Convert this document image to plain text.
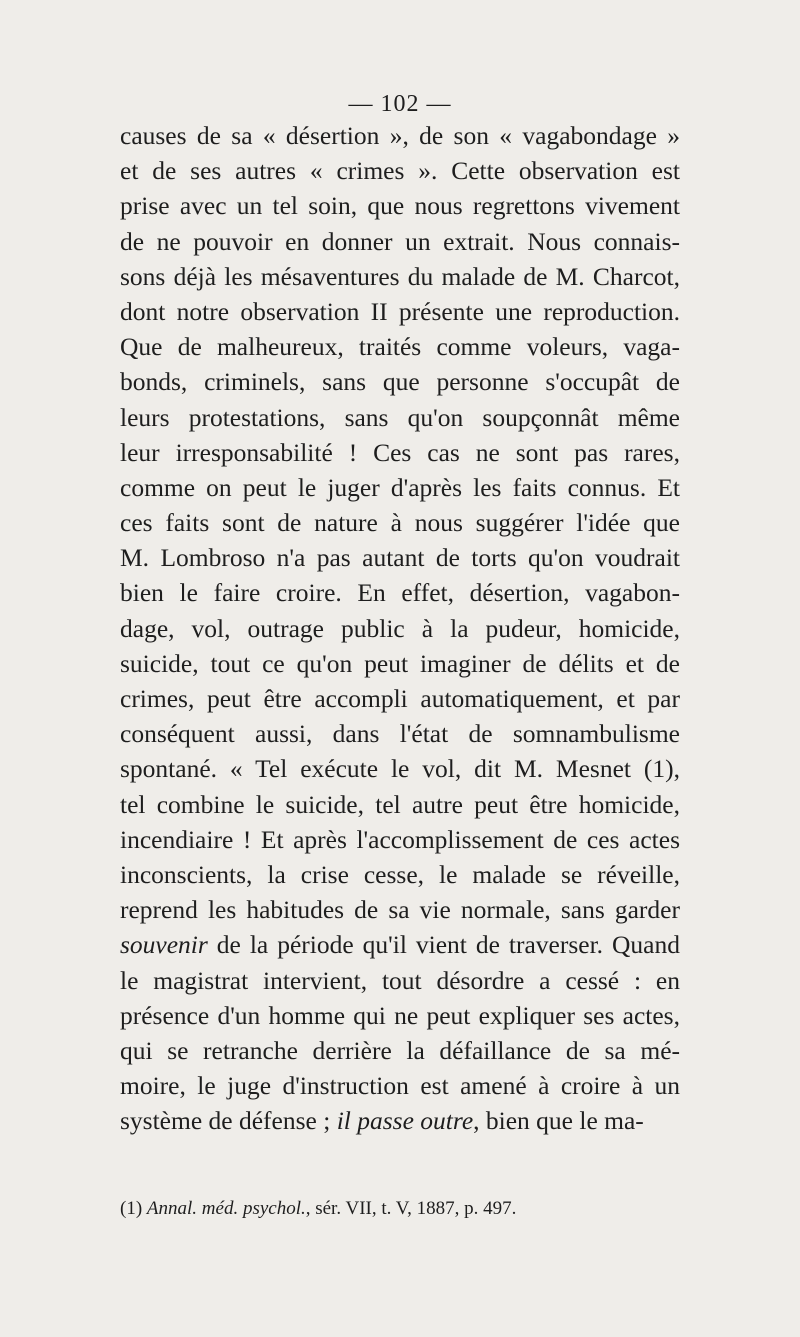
— 102 —
causes de sa « désertion », de son « vagabondage »
et de ses autres « crimes ». Cette observation est
prise avec un tel soin, que nous regrettons vivement
de ne pouvoir en donner un extrait. Nous connais-
sons déjà les mésaventures du malade de M. Charcot,
dont notre observation II présente une reproduction.
Que de malheureux, traités comme voleurs, vaga-
bonds, criminels, sans que personne s'occupât de
leurs protestations, sans qu'on soupçonnât même
leur irresponsabilité ! Ces cas ne sont pas rares,
comme on peut le juger d'après les faits connus. Et
ces faits sont de nature à nous suggérer l'idée que
M. Lombroso n'a pas autant de torts qu'on voudrait
bien le faire croire. En effet, désertion, vagabon-
dage, vol, outrage public à la pudeur, homicide,
suicide, tout ce qu'on peut imaginer de délits et de
crimes, peut être accompli automatiquement, et par
conséquent aussi, dans l'état de somnambulisme
spontané. « Tel exécute le vol, dit M. Mesnet (1),
tel combine le suicide, tel autre peut être homicide,
incendiaire ! Et après l'accomplissement de ces actes
inconscients, la crise cesse, le malade se réveille,
reprend les habitudes de sa vie normale, sans garder
souvenir de la période qu'il vient de traverser. Quand
le magistrat intervient, tout désordre a cessé : en
présence d'un homme qui ne peut expliquer ses actes,
qui se retranche derrière la défaillance de sa mé-
moire, le juge d'instruction est amené à croire à un
système de défense ; il passe outre, bien que le ma-
(1) Annal. méd. psychol., sér. VII, t. V, 1887, p. 497.
